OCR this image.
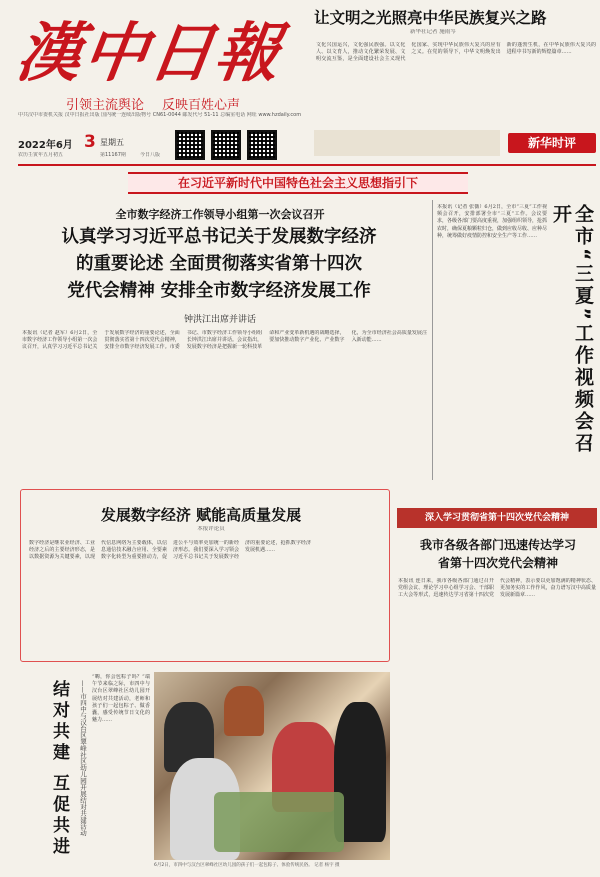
漢中日報
引领主流舆论 反映百姓心声
中共汉中市委机关报 汉中日报社出版 国内统一连续出版物号 CN61-0044 邮发代号 51-11 总编室电话 网址 www.hzdaily.com
2022年6月 3 星期五
农历壬寅年五月初五	第11167期	今日八版
让文明之光照亮中华民族复兴之路
新华社记者 施雨岑
文化兴国运兴，文化强民族强。以文化人、以文育人，推动文化繁荣发展、文明交流互鉴，是全面建设社会主义现代化国家、实现中华民族伟大复兴的应有之义。在党的领导下，中华文明焕发出新的蓬勃生机，在中华民族伟大复兴的进程中书写新的辉煌篇章……
新华时评
在习近平新时代中国特色社会主义思想指引下
全市数字经济工作领导小组第一次会议召开
认真学习习近平总书记关于发展数字经济
的重要论述 全面贯彻落实省第十四次
党代会精神 安排全市数字经济发展工作
钟洪江出席并讲话
本报讯（记者 赵军）6月2日，全市数字经济工作领导小组第一次会议召开，认真学习习近平总书记关于发展数字经济的重要论述，全面贯彻落实省第十四次党代会精神，安排全市数字经济发展工作。市委书记、市数字经济工作领导小组组长钟洪江出席并讲话。会议指出，发展数字经济是把握新一轮科技革命和产业变革新机遇的战略选择，要加快推动数字产业化、产业数字化，为全市经济社会高质量发展注入新动能……
本报讯（记者 张薇）6月2日，全市“三夏”工作视频会召开，安排部署全市“三夏”工作。会议要求，各级各部门要高度重视，加强组织领导，抢抓农时，确保夏粮颗粒归仓，做到应收尽收、应种尽种，统筹做好疫情防控和安全生产等工作……	全市“三夏”工作视频会召开
发展数字经济 赋能高质量发展
本报评论员
数字经济是继农业经济、工业经济之后的主要经济形态，是以数据资源为关键要素，以现代信息网络为主要载体，以信息通信技术融合应用、全要素数字化转型为重要推动力，促进公平与效率更加统一的新经济形态。我们要深入学习领会习近平总书记关于发展数字经济的重要论述，抢抓数字经济发展机遇……
深入学习贯彻省第十四次党代会精神
我市各级各部门迅速传达学习
省第十四次党代会精神
本报讯 连日来，我市各级各部门通过召开党组会议、理论学习中心组学习会、干部职工大会等形式，迅速传达学习省第十四次党代会精神，表示要以更加饱满的精神状态、更加务实的工作作风，奋力谱写汉中高质量发展新篇章……
结对共建 互促共进	——市四中与汉台区翠峰社区幼儿园开展结对共建活动
“嗨，你会包粽子吗？”端午节来临之际，市四中与汉台区翠峰社区幼儿园开展结对共建活动，老师和孩子们一起包粽子、做香囊，感受传统节日文化的魅力……
6月2日，市四中与汉台区翠峰社区幼儿园的孩子们一起包粽子、体验传统民俗。 记者 杨宇 摄
